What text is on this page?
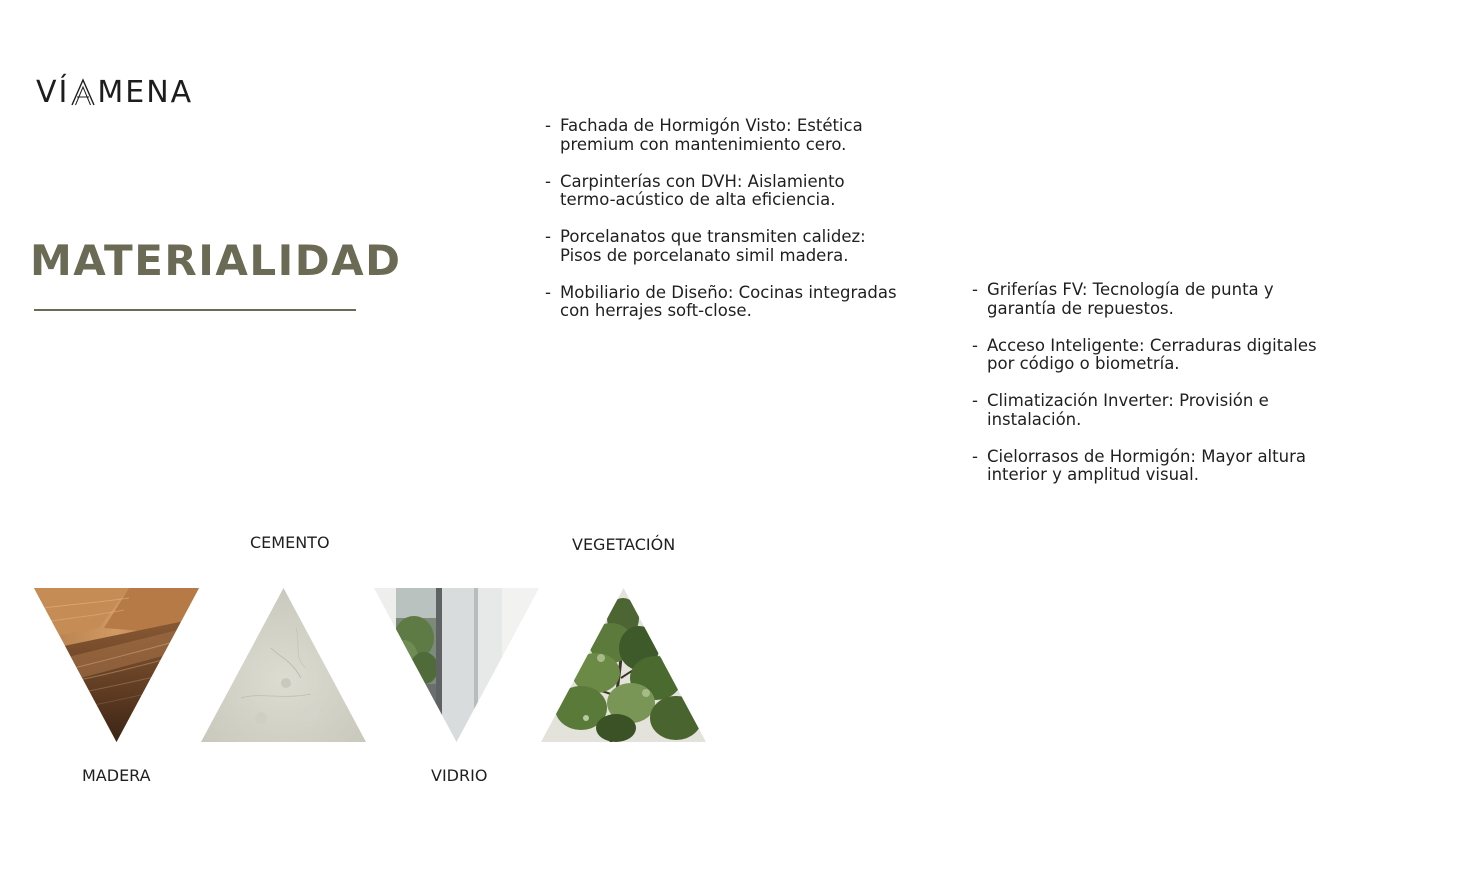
VÍ MENA
MATERIALIDAD
- Fachada de Hormigón Visto: Estética
premium con mantenimiento cero.
- Carpinterías con DVH: Aislamiento
termo-acústico de alta eficiencia.
- Porcelanatos que transmiten calidez:
Pisos de porcelanato simil madera.
- Mobiliario de Diseño: Cocinas integradas
con herrajes soft-close.
- Griferías FV: Tecnología de punta y
garantía de repuestos.
- Acceso Inteligente: Cerraduras digitales
por código o biometría.
- Climatización Inverter: Provisión e
instalación.
- Cielorrasos de Hormigón: Mayor altura
interior y amplitud visual.
CEMENTO	VEGETACIÓN
MADERA	VIDRIO
